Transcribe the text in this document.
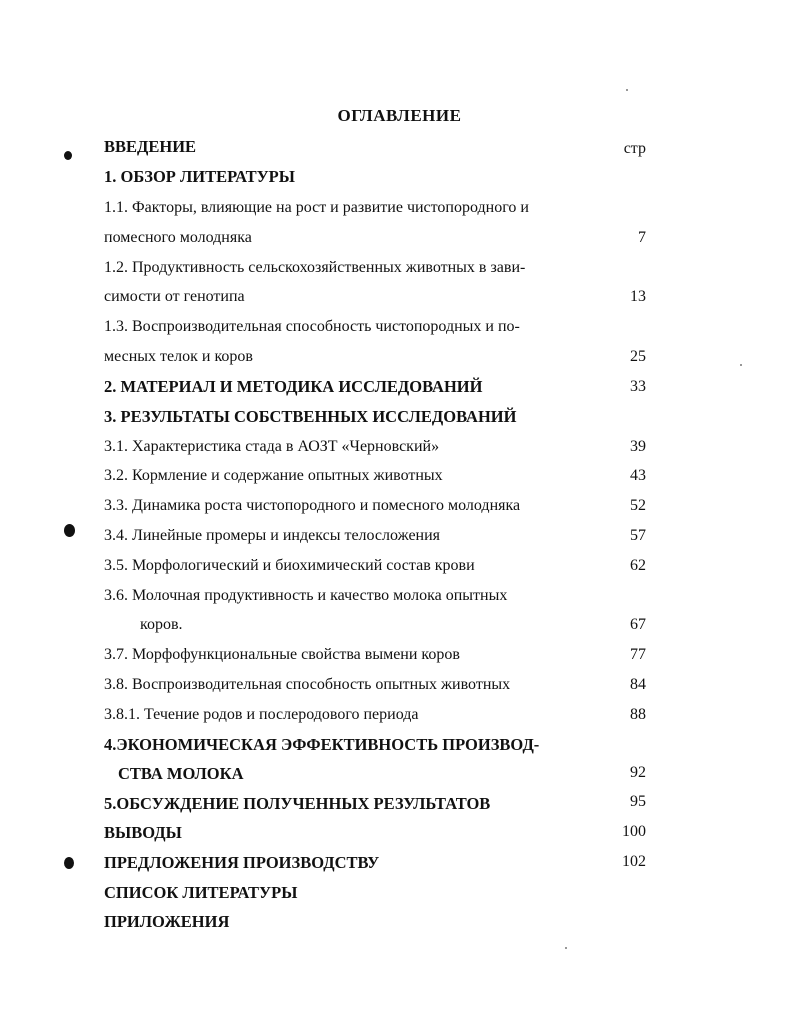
ОГЛАВЛЕНИЕ
ВВЕДЕНИЕ	стр
1. ОБЗОР ЛИТЕРАТУРЫ
1.1. Факторы, влияющие на рост и развитие чистопородного и
помесного молодняка	7
1.2. Продуктивность сельскохозяйственных животных в зави-
симости от генотипа	13
1.3. Воспроизводительная способность чистопородных и по-
месных телок и коров	25
2. МАТЕРИАЛ И МЕТОДИКА ИССЛЕДОВАНИЙ	33
3. РЕЗУЛЬТАТЫ СОБСТВЕННЫХ ИССЛЕДОВАНИЙ
3.1. Характеристика стада в АОЗТ «Черновский»	39
3.2. Кормление и содержание опытных животных	43
3.3. Динамика роста чистопородного и помесного молодняка	52
3.4. Линейные промеры и индексы телосложения	57
3.5. Морфологический и биохимический состав крови	62
3.6. Молочная продуктивность и качество молока опытных
коров.	67
3.7. Морфофункциональные свойства вымени коров	77
3.8. Воспроизводительная способность опытных животных	84
3.8.1. Течение родов и послеродового периода	88
4.ЭКОНОМИЧЕСКАЯ ЭФФЕКТИВНОСТЬ ПРОИЗВОД-
СТВА МОЛОКА	92
5.ОБСУЖДЕНИЕ ПОЛУЧЕННЫХ РЕЗУЛЬТАТОВ	95
ВЫВОДЫ	100
ПРЕДЛОЖЕНИЯ ПРОИЗВОДСТВУ	102
СПИСОК ЛИТЕРАТУРЫ
ПРИЛОЖЕНИЯ
